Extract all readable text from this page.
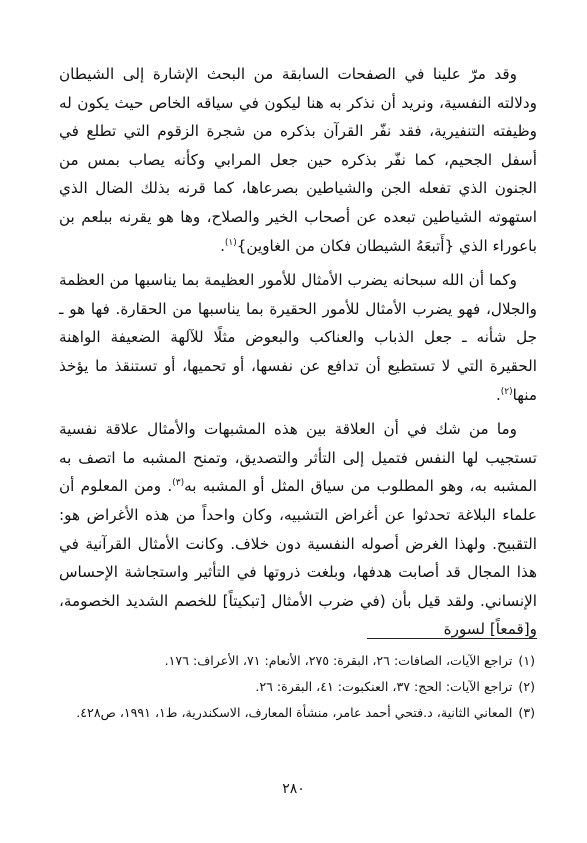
وقد مرّ علينا في الصفحات السابقة من البحث الإشارة إلى الشيطان ودلالته النفسية، ونريد أن نذكر به هنا ليكون في سياقه الخاص حيث يكون له وظيفته التنفيرية، فقد نفّر القرآن بذكره من شجرة الزقوم التي تطلع في أسفل الجحيم، كما نفّر بذكره حين جعل المرابي وكأنه يصاب بمس من الجنون الذي تفعله الجن والشياطين بصرعاها، كما قرنه بذلك الضال الذي استهوته الشياطين تبعده عن أصحاب الخير والصلاح، وها هو يقرنه ببلعم بن باعوراء الذي {أَتبعَهُ الشيطان فكان من الغاوين}$^{(١)}$.

وكما أن الله سبحانه يضرب الأمثال للأمور العظيمة بما يناسبها من العظمة والجلال، فهو يضرب الأمثال للأمور الحقيرة بما يناسبها من الحقارة. فها هو ـ جل شأنه ـ جعل الذباب والعناكب والبعوض مثلًا للآلهة الضعيفة الواهنة الحقيرة التي لا تستطيع أن تدافع عن نفسها، أو تحميها، أو تستنقذ ما يؤخذ منها$^{(٢)}$.

وما من شك في أن العلاقة بين هذه المشبهات والأمثال علاقة نفسية تستجيب لها النفس فتميل إلى التأثر والتصديق، وتمنح المشبه ما اتصف به المشبه به، وهو المطلوب من سياق المثل أو المشبه به$^{(٣)}$. ومن المعلوم أن علماء البلاغة تحدثوا عن أغراض التشبيه، وكان واحداً من هذه الأغراض هو: التقبيح. ولهذا الغرض أصوله النفسية دون خلاف. وكانت الأمثال القرآنية في هذا المجال قد أصابت هدفها، وبلغت ذروتها في التأثير واستجاشة الإحساس الإنساني. ولقد قيل بأن (في ضرب الأمثال [تبكيتاً] للخصم الشديد الخصومة، و[قمعاً] لسورة

(١)تراجع الآيات، الصافات: ٢٦، البقرة: ٢٧٥، الأنعام: ٧١، الأعراف: ١٧٦.

(٢)تراجع الآيات: الحج: ٣٧، العنكبوت: ٤١، البقرة: ٢٦.

(٣)المعاني الثانية، د.فتحي أحمد عامر، منشأة المعارف، الاسكندرية، ط١، ١٩٩١، ص٤٢٨.

٢٨٠
